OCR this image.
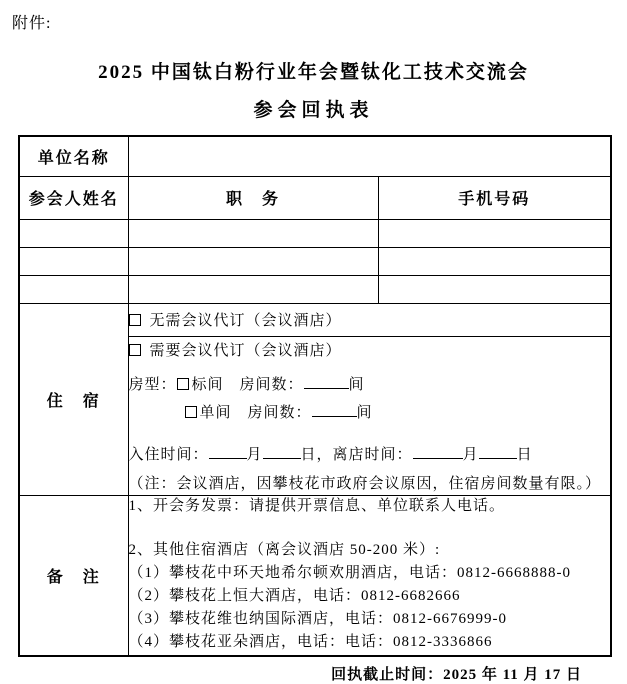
附件:
2025 中国钛白粉行业年会暨钛化工技术交流会
参会回执表
单位名称		
参会人姓名	职　务	手机号码

住　宿	无需会议代订（会议酒店）	

	需要会议代订（会议酒店）
房型： 标间 房间数： 间
单间 房间数： 间
入住时间： 月 日，离店时间： 月 日
（注：会议酒店，因攀枝花市政府会议原因，住宿房间数量有限。）	

备　注	
1、开会务发票：请提供开票信息、单位联系人电话。
2、其他住宿酒店（离会议酒店 50-200 米）:
（1）攀枝花中环天地希尔顿欢朋酒店，电话：0812-6668888-0
（2）攀枝花上恒大酒店，电话：0812-6682666
（3）攀枝花维也纳国际酒店，电话：0812-6676999-0
（4）攀枝花亚朵酒店，电话：电话：0812-3336866
回执截止时间：2025 年 11 月 17 日
